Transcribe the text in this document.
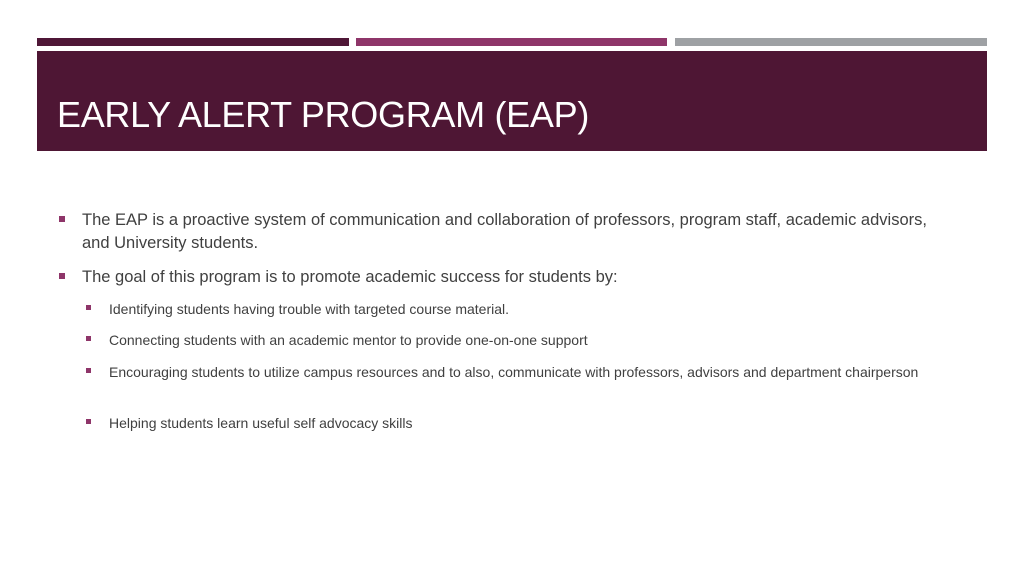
EARLY ALERT PROGRAM (EAP)
The EAP is a proactive system of communication and collaboration of professors, program staff, academic advisors, and University students.
The goal of this program is to promote academic success for students by:
Identifying students having trouble with targeted course material.
Connecting students with an academic mentor to provide one-on-one support
Encouraging students to utilize campus resources and to also, communicate with professors, advisors and department chairperson
Helping students learn useful self advocacy skills
